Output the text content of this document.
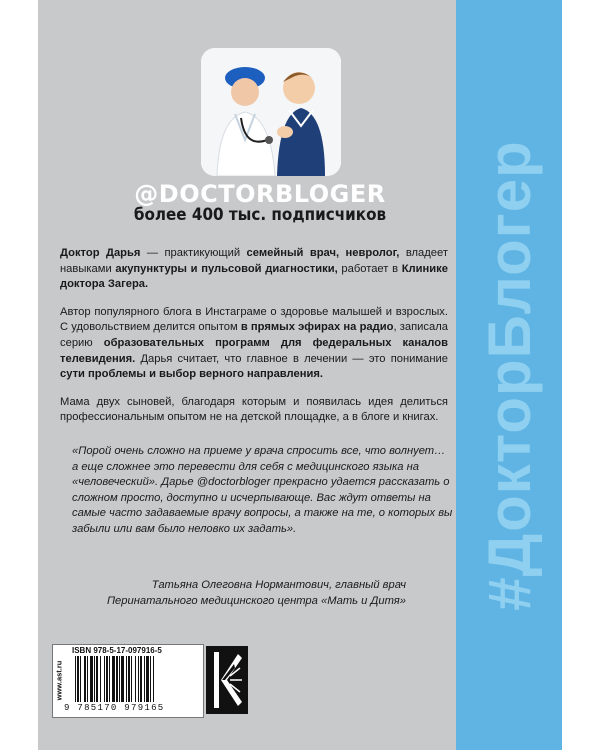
#ДокторБлогер
@DOCTORBLOGER
более 400 тыс. подписчиков

Доктор Дарья — практикующий семейный врач, невролог, владеет навыками акупунктуры и пульсовой диагностики, работает в Клинике доктора Загера.

Автор популярного блога в Инстаграме о здоровье малышей и взрослых. С удовольствием делится опытом в прямых эфирах на радио, записала серию образовательных программ для федеральных каналов телевидения. Дарья считает, что главное в лечении — это понимание сути проблемы и выбор верного направления.

Мама двух сыновей, благодаря которым и появилась идея делиться профессиональным опытом не на детской площадке, а в блоге и книгах.

«Порой очень сложно на приеме у врача спросить все, что волнует… а еще сложнее это перевести для себя с медицинского языка на «человеческий». Дарье @doctorbloger прекрасно удается рассказать о сложном просто, доступно и исчерпывающе. Вас ждут ответы на самые часто задаваемые врачу вопросы, а также на те, о которых вы забыли или вам было неловко их задать».
Татьяна Олеговна Нормантович, главный врач Перинатального медицинского центра «Мать и Дитя»
ISBN 978-5-17-097916-5
www.ast.ru
9 785170 979165
